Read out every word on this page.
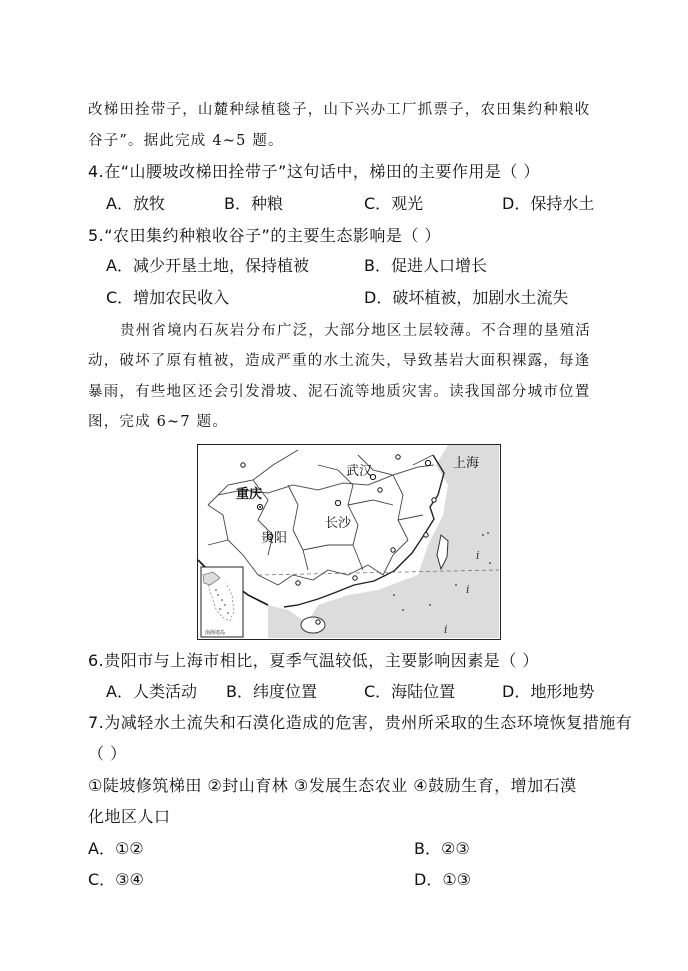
改梯田拴带子，山麓种绿植毯子，山下兴办工厂抓票子，农田集约种粮收
谷子”。据此完成 4~5 题。
4.在“山腰坡改梯田拴带子”这句话中，梯田的主要作用是（ ）
A．放牧	B．种粮	C．观光	D．保持水土
5.“农田集约种粮收谷子”的主要生态影响是（ ）
A．减少开垦土地，保持植被	B．促进人口增长
C．增加农民收入	D．破坏植被，加剧水土流失
贵州省境内石灰岩分布广泛，大部分地区土层较薄。不合理的垦殖活
动，破坏了原有植被，造成严重的水土流失，导致基岩大面积裸露，每逢
暴雨，有些地区还会引发滑坡、泥石流等地质灾害。读我国部分城市位置
图，完成 6~7 题。
i
i
i
武汉
上海
重庆
长沙
贵阳
南海诸岛
6.贵阳市与上海市相比，夏季气温较低，主要影响因素是（ ）
A．人类活动 B．纬度位置	C．海陆位置	D．地形地势
7.为减轻水土流失和石漠化造成的危害，贵州所采取的生态环境恢复措施有
（ ）
①陡坡修筑梯田 ②封山育林 ③发展生态农业 ④鼓励生育，增加石漠
化地区人口
A．①②	B．②③
C．③④	D．①③
